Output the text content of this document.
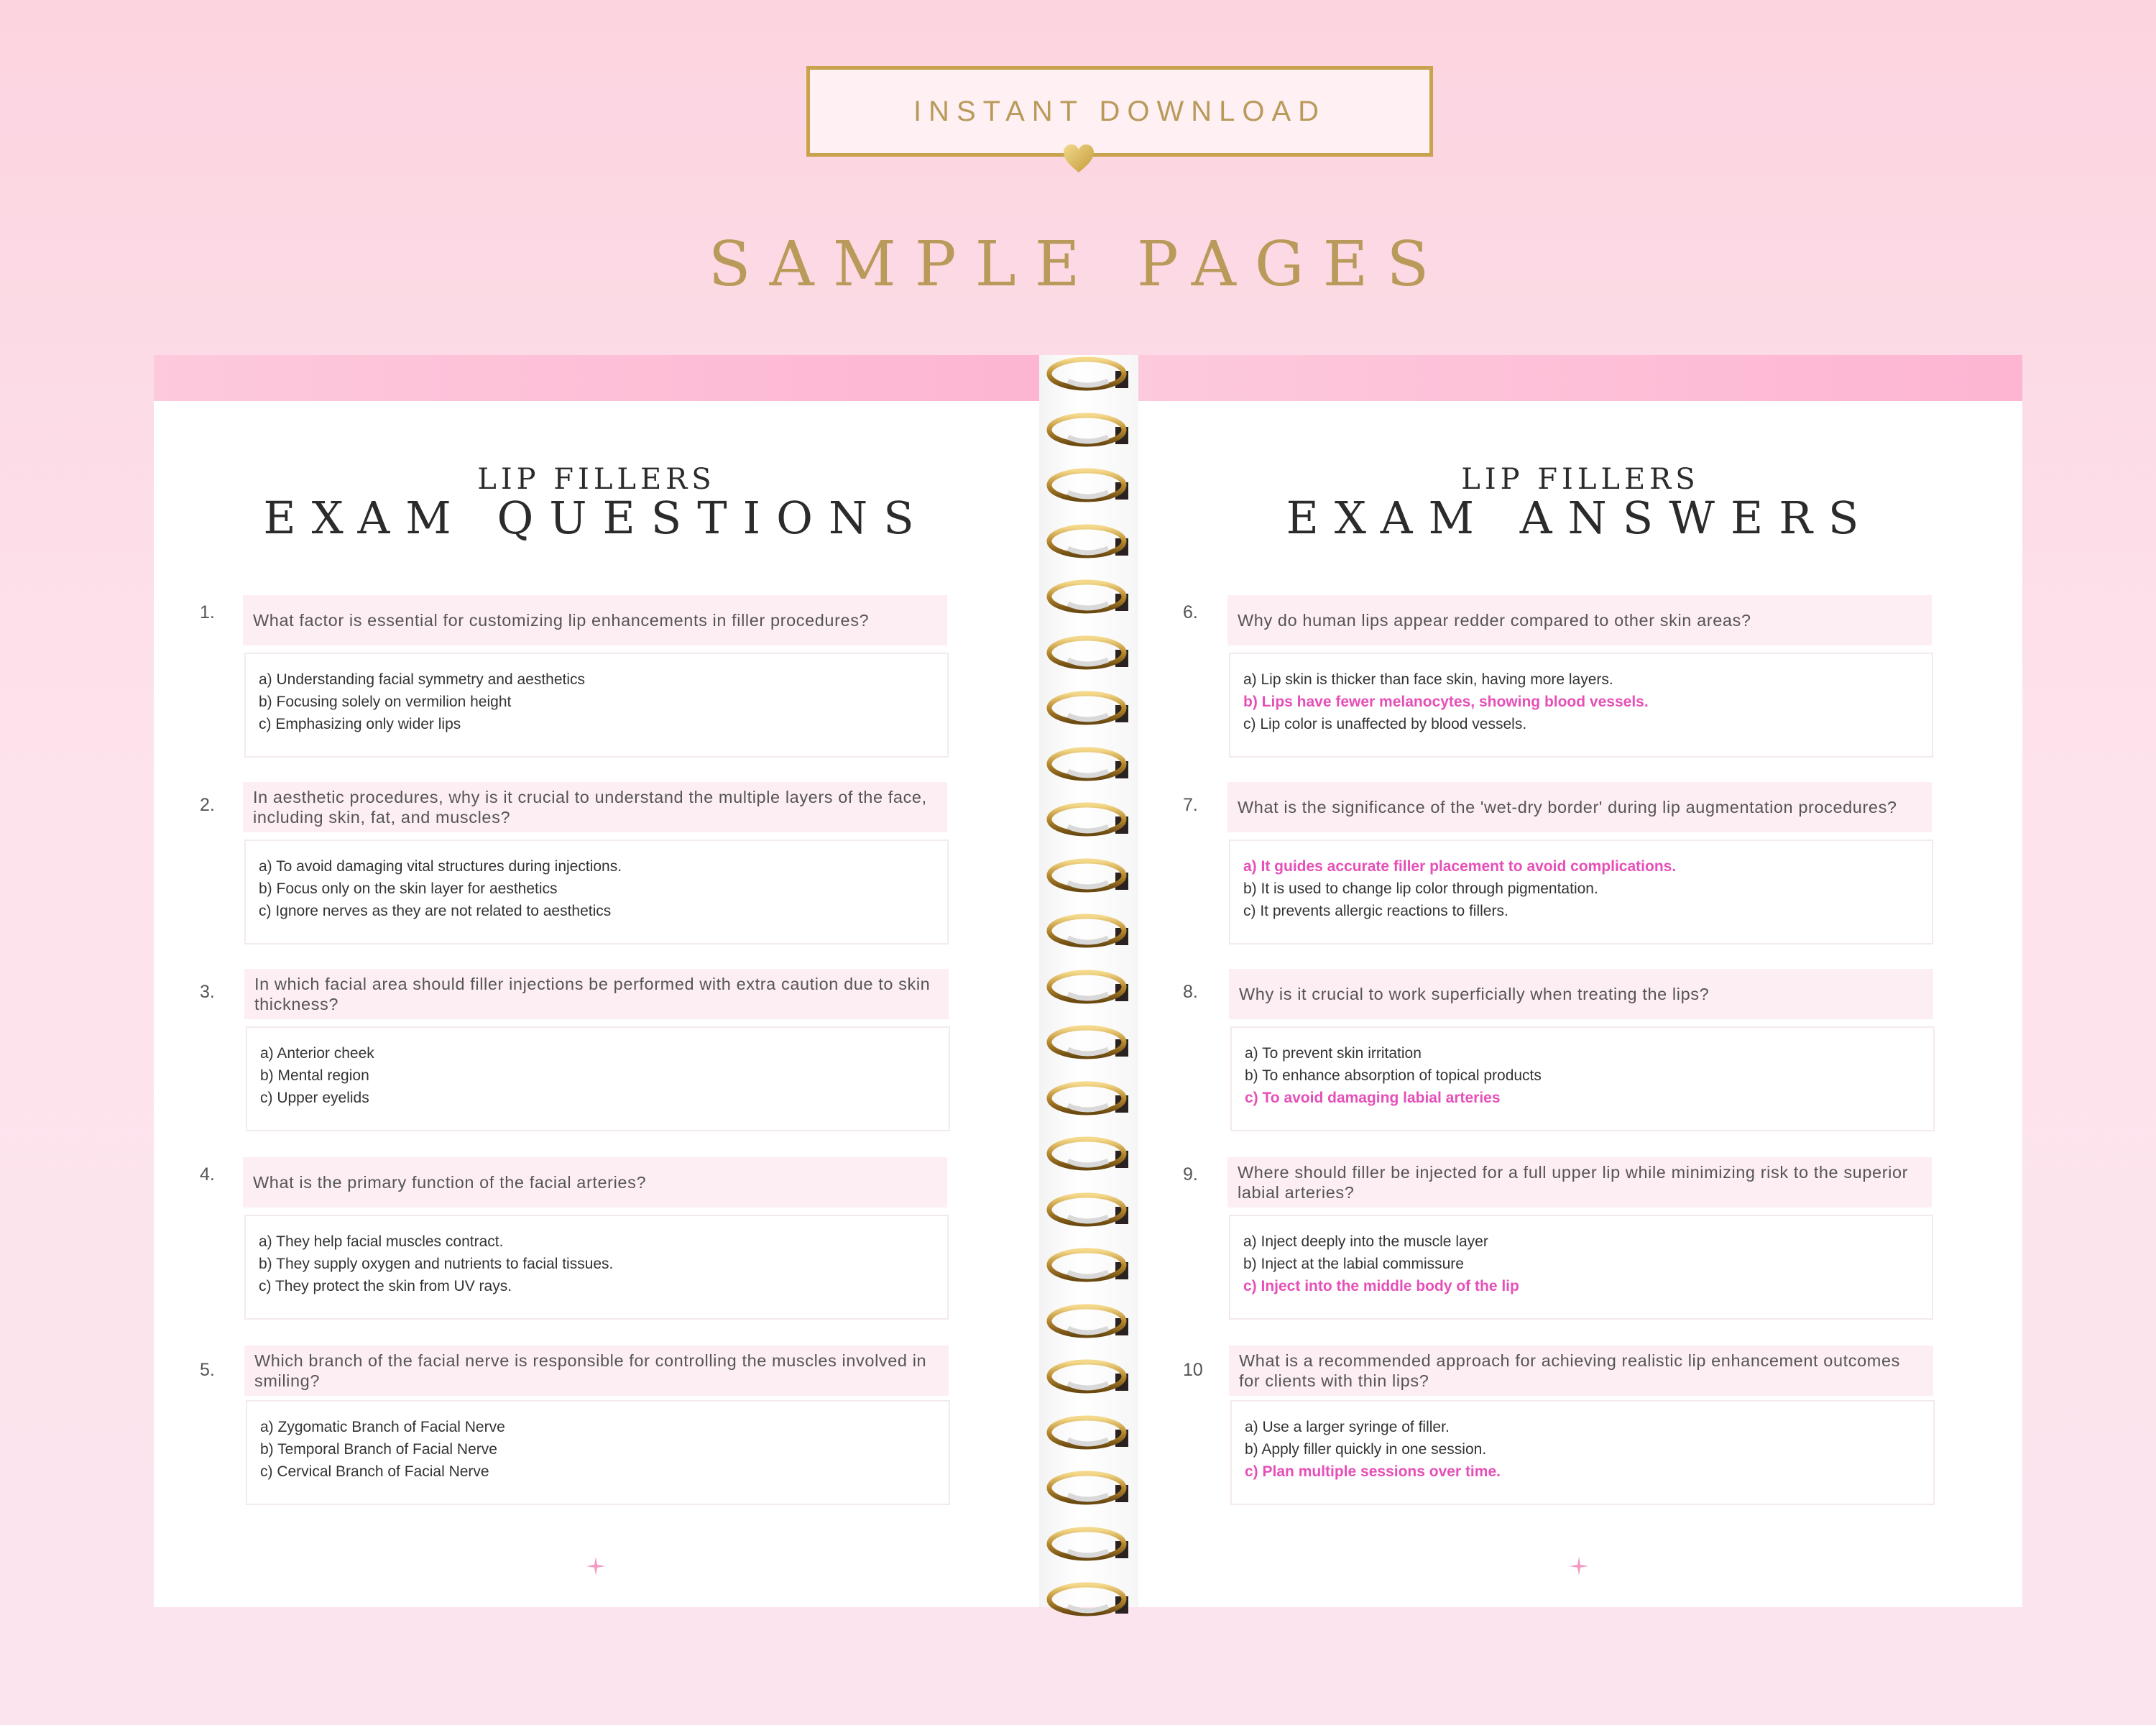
INSTANT DOWNLOAD
SAMPLE PAGES
LIP FILLERS
EXAM QUESTIONS
1.	What factor is essential for customizing lip enhancements in filler procedures?
a) Understanding facial symmetry and aesthetics
b) Focusing solely on vermilion height
c) Emphasizing only wider lips
2.	In aesthetic procedures, why is it crucial to understand the multiple layers of the face, including skin, fat, and muscles?
a) To avoid damaging vital structures during injections.
b) Focus only on the skin layer for aesthetics
c) Ignore nerves as they are not related to aesthetics
3.	In which facial area should filler injections be performed with extra caution due to skin thickness?
a) Anterior cheek
b) Mental region
c) Upper eyelids
4.	What is the primary function of the facial arteries?
a) They help facial muscles contract.
b) They supply oxygen and nutrients to facial tissues.
c) They protect the skin from UV rays.
5.	Which branch of the facial nerve is responsible for controlling the muscles involved in smiling?
a) Zygomatic Branch of Facial Nerve
b) Temporal Branch of Facial Nerve
c) Cervical Branch of Facial Nerve
LIP FILLERS
EXAM ANSWERS
6.	Why do human lips appear redder compared to other skin areas?
a) Lip skin is thicker than face skin, having more layers.
b) Lips have fewer melanocytes, showing blood vessels.
c) Lip color is unaffected by blood vessels.
7.	What is the significance of the 'wet-dry border' during lip augmentation procedures?
a) It guides accurate filler placement to avoid complications.
b) It is used to change lip color through pigmentation.
c) It prevents allergic reactions to fillers.
8.	Why is it crucial to work superficially when treating the lips?
a) To prevent skin irritation
b) To enhance absorption of topical products
c) To avoid damaging labial arteries
Where should filler be injected for a full upper lip while minimizing risk to the superior labial arteries?
a) Inject deeply into the muscle layer
b) Inject at the labial commissure
c) Inject into the middle body of the lip
10	What is a recommended approach for achieving realistic lip enhancement outcomes for clients with thin lips?
a) Use a larger syringe of filler.
b) Apply filler quickly in one session.
c) Plan multiple sessions over time.
9.
